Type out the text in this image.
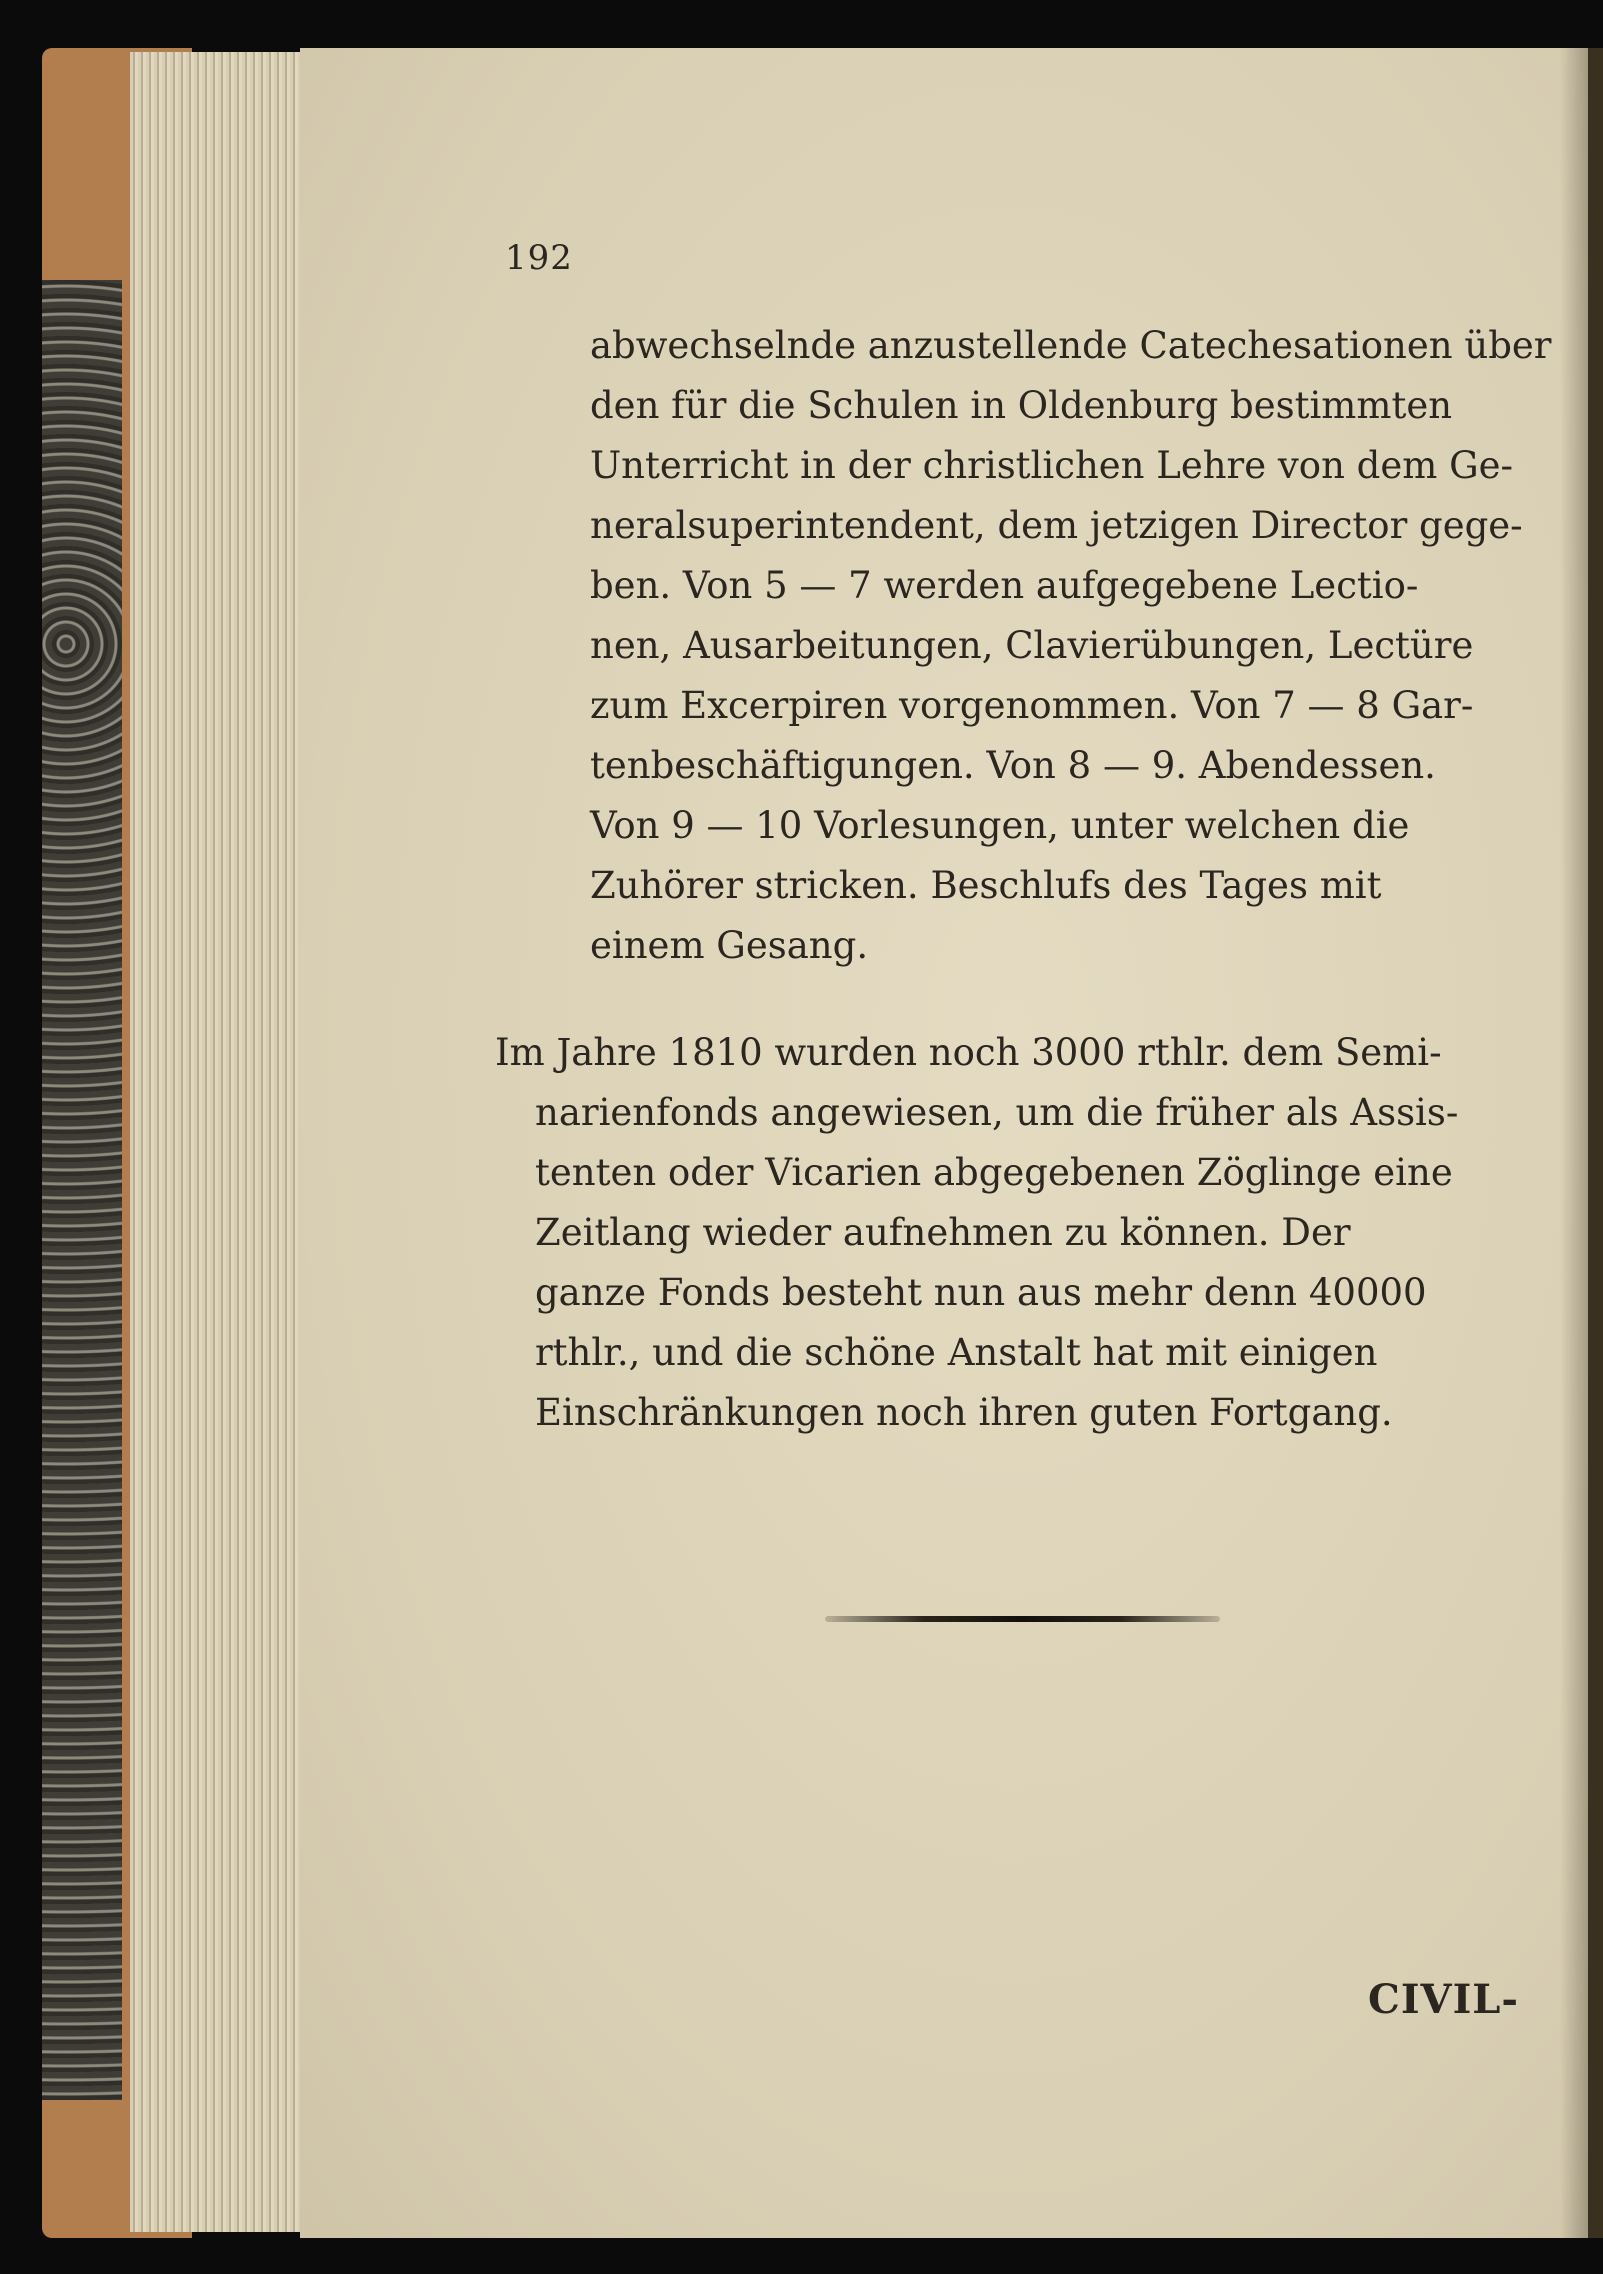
192
abwechselnde anzustellende Catechesationen über
den für die Schulen in Oldenburg bestimmten
Unterricht in der christlichen Lehre von dem Ge-
neralsuperintendent, dem jetzigen Director gege-
ben. Von 5 — 7 werden aufgegebene Lectio-
nen, Ausarbeitungen, Clavierübungen, Lectüre
zum Excerpiren vorgenommen. Von 7 — 8 Gar-
tenbeschäftigungen. Von 8 — 9. Abendessen.
Von 9 — 10 Vorlesungen, unter welchen die
Zuhörer stricken. Beschlufs des Tages mit
einem Gesang.
Im Jahre 1810 wurden noch 3000 rthlr. dem Semi-
narienfonds angewiesen, um die früher als Assis-
tenten oder Vicarien abgegebenen Zöglinge eine
Zeitlang wieder aufnehmen zu können. Der
ganze Fonds besteht nun aus mehr denn 40000
rthlr., und die schöne Anstalt hat mit einigen
Einschränkungen noch ihren guten Fortgang.
CIVIL-
